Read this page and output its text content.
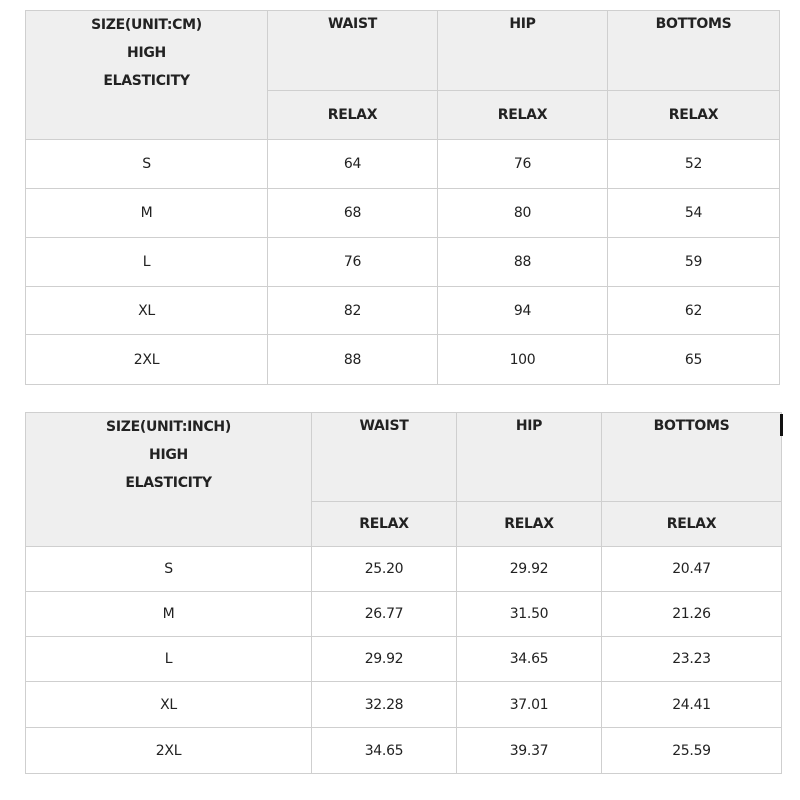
SIZE(UNIT:CM)
HIGH
ELASTICITY	WAIST	HIP	BOTTOMS
	RELAX	RELAX	RELAX
S	64	76	52
M	68	80	54
L	76	88	59
XL	82	94	62
2XL	88	100	65
SIZE(UNIT:INCH)
HIGH
ELASTICITY	WAIST	HIP	BOTTOMS
	RELAX	RELAX	RELAX
S	25.20	29.92	20.47
M	26.77	31.50	21.26
L	29.92	34.65	23.23
XL	32.28	37.01	24.41
2XL	34.65	39.37	25.59
